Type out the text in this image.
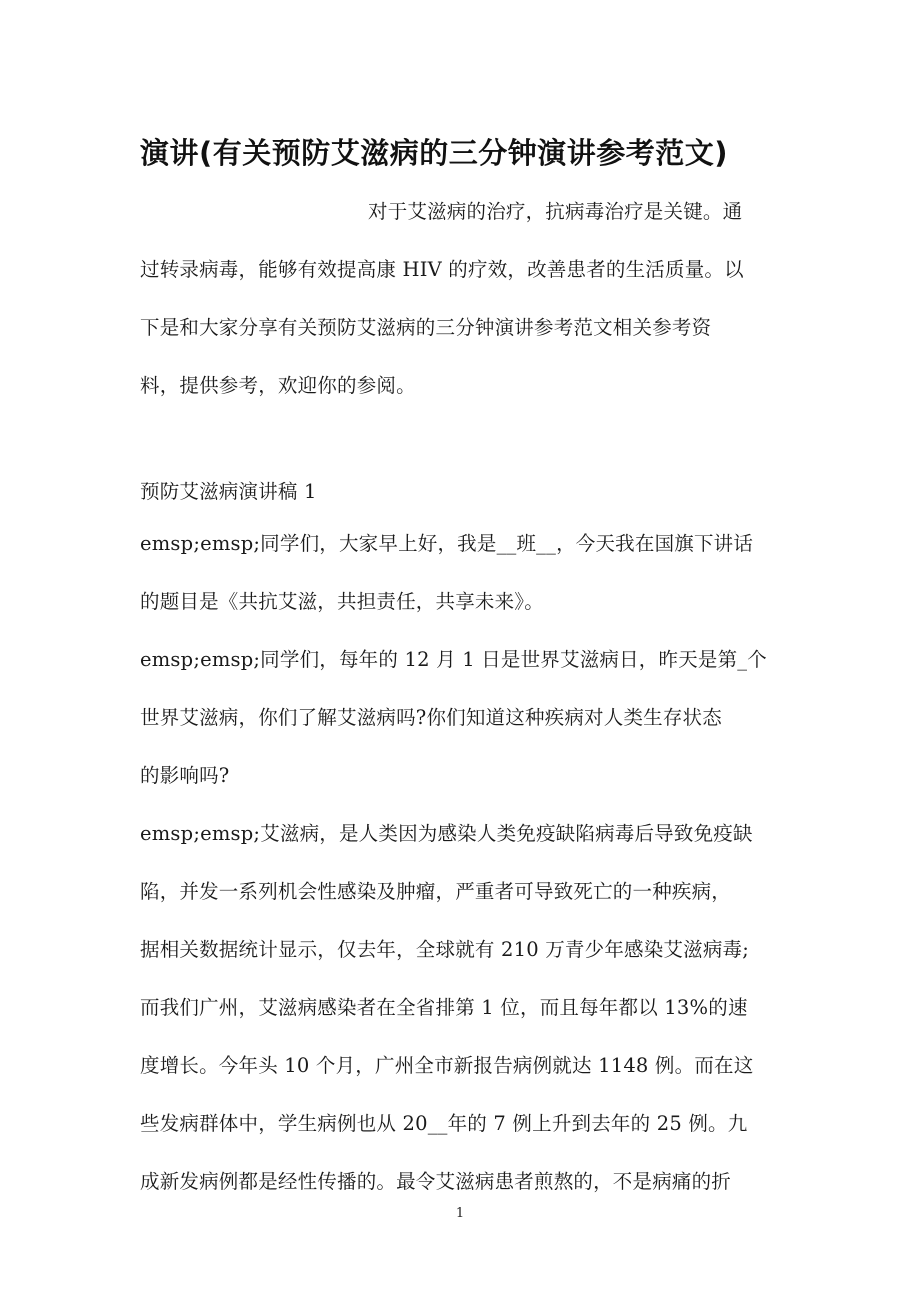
演讲(有关预防艾滋病的三分钟演讲参考范文)
对于艾滋病的治疗，抗病毒治疗是关键。通
过转录病毒，能够有效提高康 HIV 的疗效，改善患者的生活质量。以
下是和大家分享有关预防艾滋病的三分钟演讲参考范文相关参考资
料，提供参考，欢迎你的参阅。
预防艾滋病演讲稿 1
emsp;emsp;同学们，大家早上好，我是__班__，今天我在国旗下讲话
的题目是《共抗艾滋，共担责任，共享未来》。
emsp;emsp;同学们，每年的 12 月 1 日是世界艾滋病日，昨天是第_个
世界艾滋病，你们了解艾滋病吗?你们知道这种疾病对人类生存状态
的影响吗?
emsp;emsp;艾滋病，是人类因为感染人类免疫缺陷病毒后导致免疫缺
陷，并发一系列机会性感染及肿瘤，严重者可导致死亡的一种疾病，
据相关数据统计显示，仅去年，全球就有 210 万青少年感染艾滋病毒;
而我们广州，艾滋病感染者在全省排第 1 位，而且每年都以 13%的速
度增长。今年头 10 个月，广州全市新报告病例就达 1148 例。而在这
些发病群体中，学生病例也从 20__年的 7 例上升到去年的 25 例。九
成新发病例都是经性传播的。最令艾滋病患者煎熬的，不是病痛的折
1
